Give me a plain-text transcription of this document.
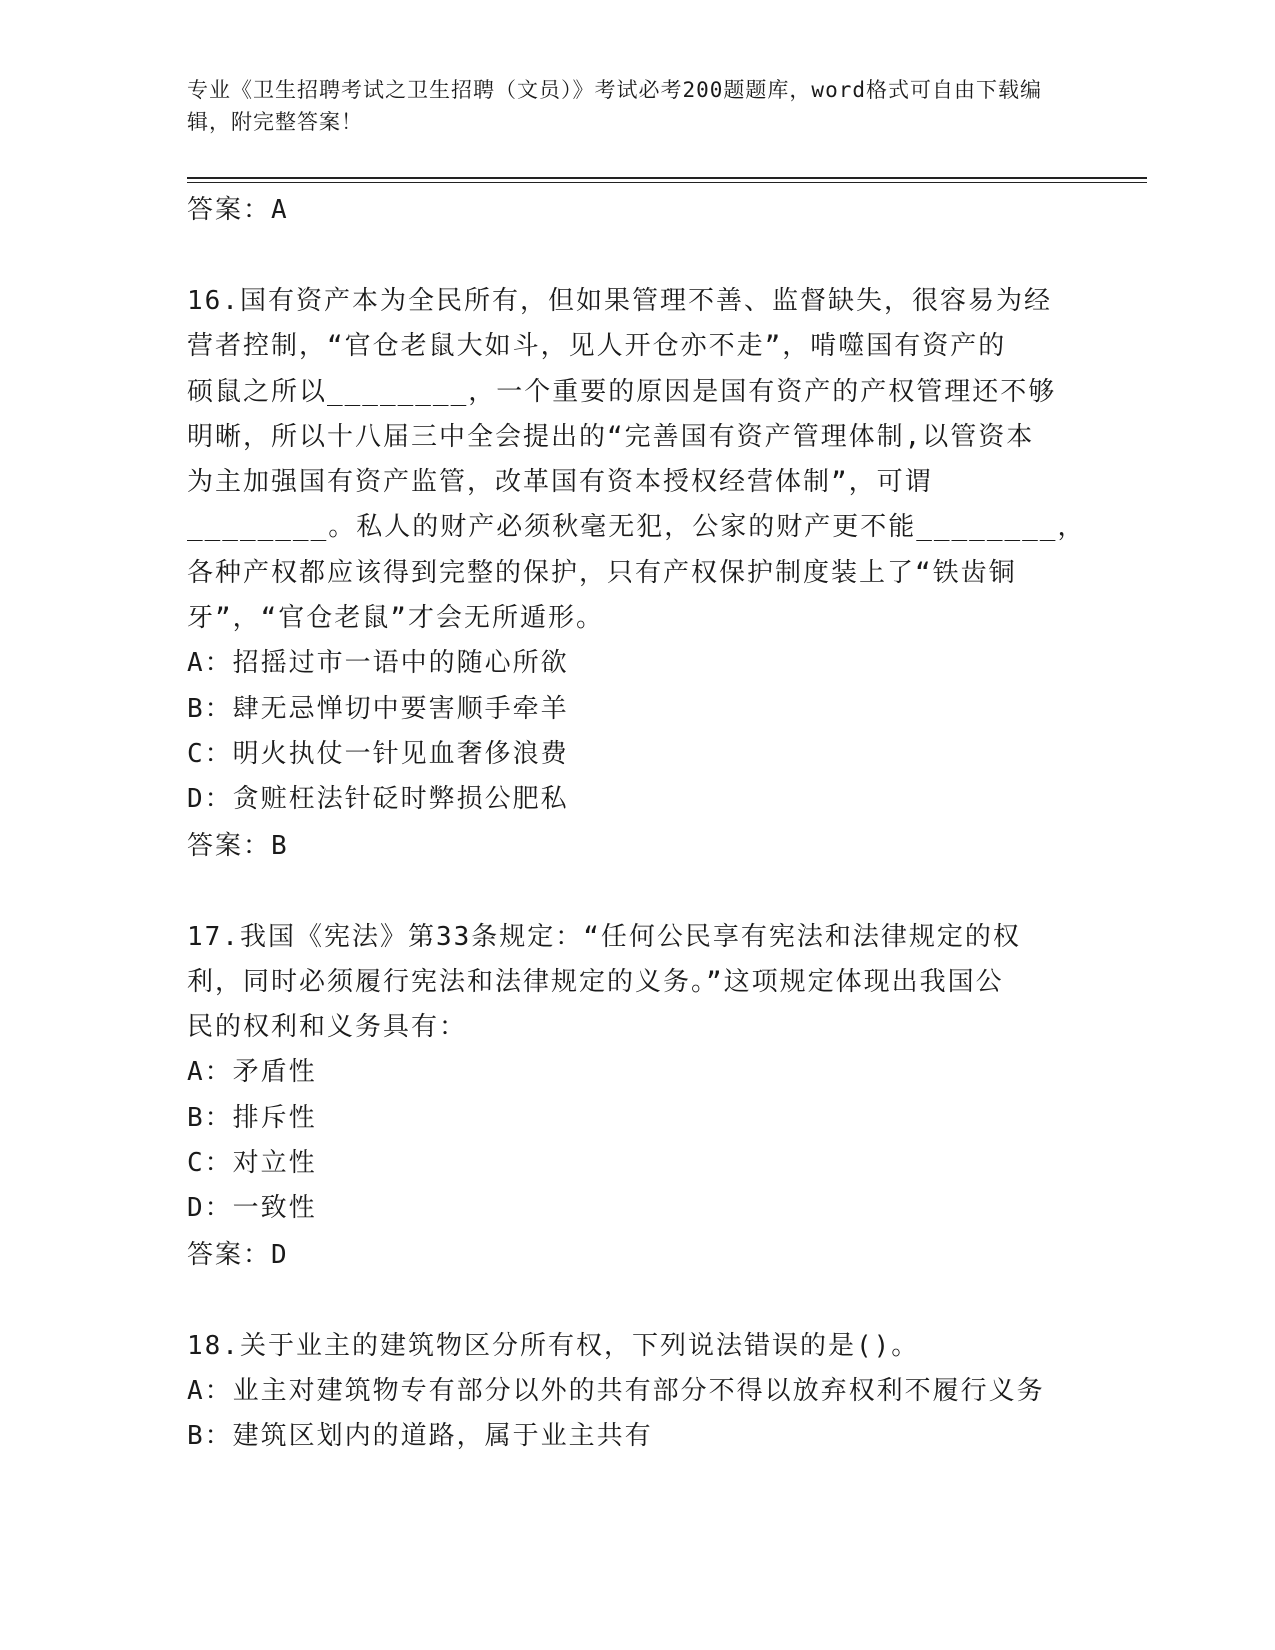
专业《卫生招聘考试之卫生招聘（文员）》考试必考200题题库，word格式可自由下载编辑，附完整答案！
答案：A
16.国有资产本为全民所有，但如果管理不善、监督缺失，很容易为经
营者控制，“官仓老鼠大如斗，见人开仓亦不走”，啃噬国有资产的
硕鼠之所以________，一个重要的原因是国有资产的产权管理还不够
明晰，所以十八届三中全会提出的“完善国有资产管理体制,以管资本
为主加强国有资产监管，改革国有资本授权经营体制”，可谓
________。私人的财产必须秋毫无犯，公家的财产更不能________，
各种产权都应该得到完整的保护，只有产权保护制度装上了“铁齿铜
牙”，“官仓老鼠”才会无所遁形。
A：招摇过市一语中的随心所欲
B：肆无忌惮切中要害顺手牵羊
C：明火执仗一针见血奢侈浪费
D：贪赃枉法针砭时弊损公肥私
答案：B
17.我国《宪法》第33条规定：“任何公民享有宪法和法律规定的权
利，同时必须履行宪法和法律规定的义务。”这项规定体现出我国公
民的权利和义务具有：
A：矛盾性
B：排斥性
C：对立性
D：一致性
答案：D
18.关于业主的建筑物区分所有权，下列说法错误的是()。
A：业主对建筑物专有部分以外的共有部分不得以放弃权利不履行义务
B：建筑区划内的道路，属于业主共有
